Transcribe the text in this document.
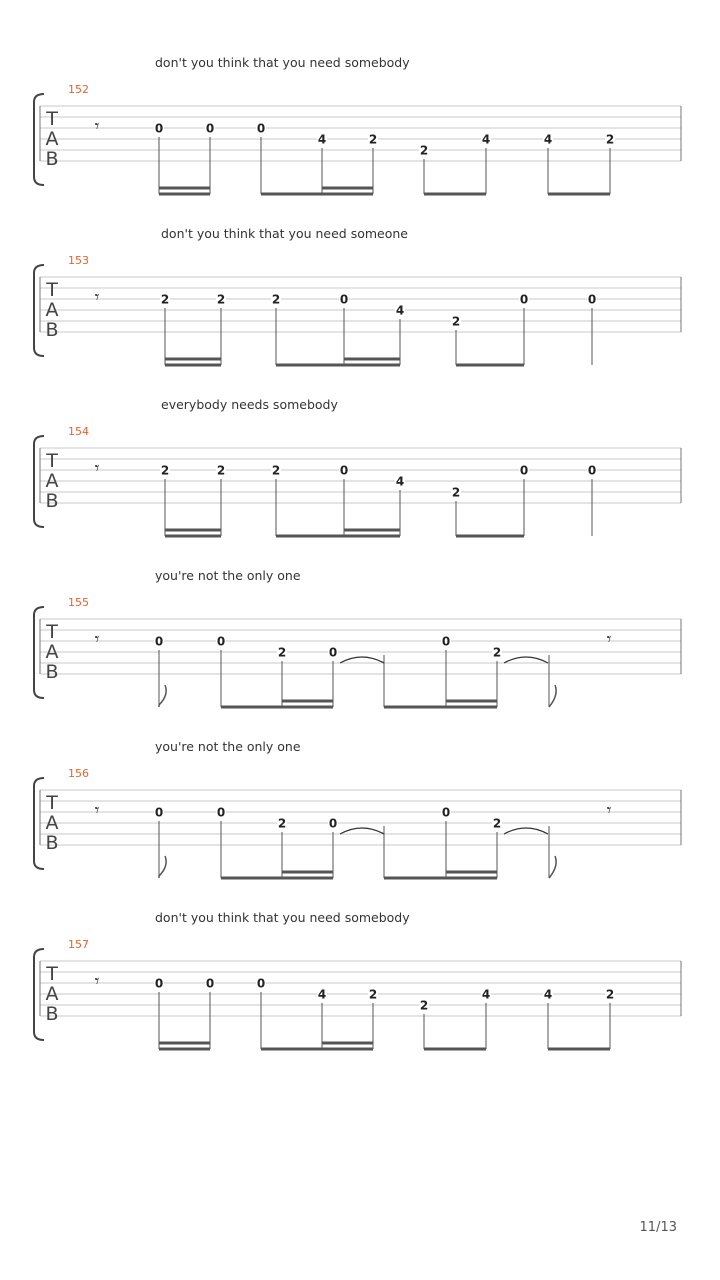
don't you think that you need somebody
152
T
A
B
𝄾	0	0	0
4	2
2
4	4	2
don't you think that you need someone
153
T
A
B
𝄾	2	2	2	0
4
2
0	0
everybody needs somebody
154
T
A
B
𝄾	2	2	2	0
4
2
0	0
you're not the only one
155
T
A
B
𝄾	0	0
2	0
0
2
𝄾
you're not the only one
156
T
A
B
𝄾	0	0
2	0
0
2
𝄾
don't you think that you need somebody
157
T
A
B
𝄾	0	0	0
4	2
2
4	4	2
11/13
